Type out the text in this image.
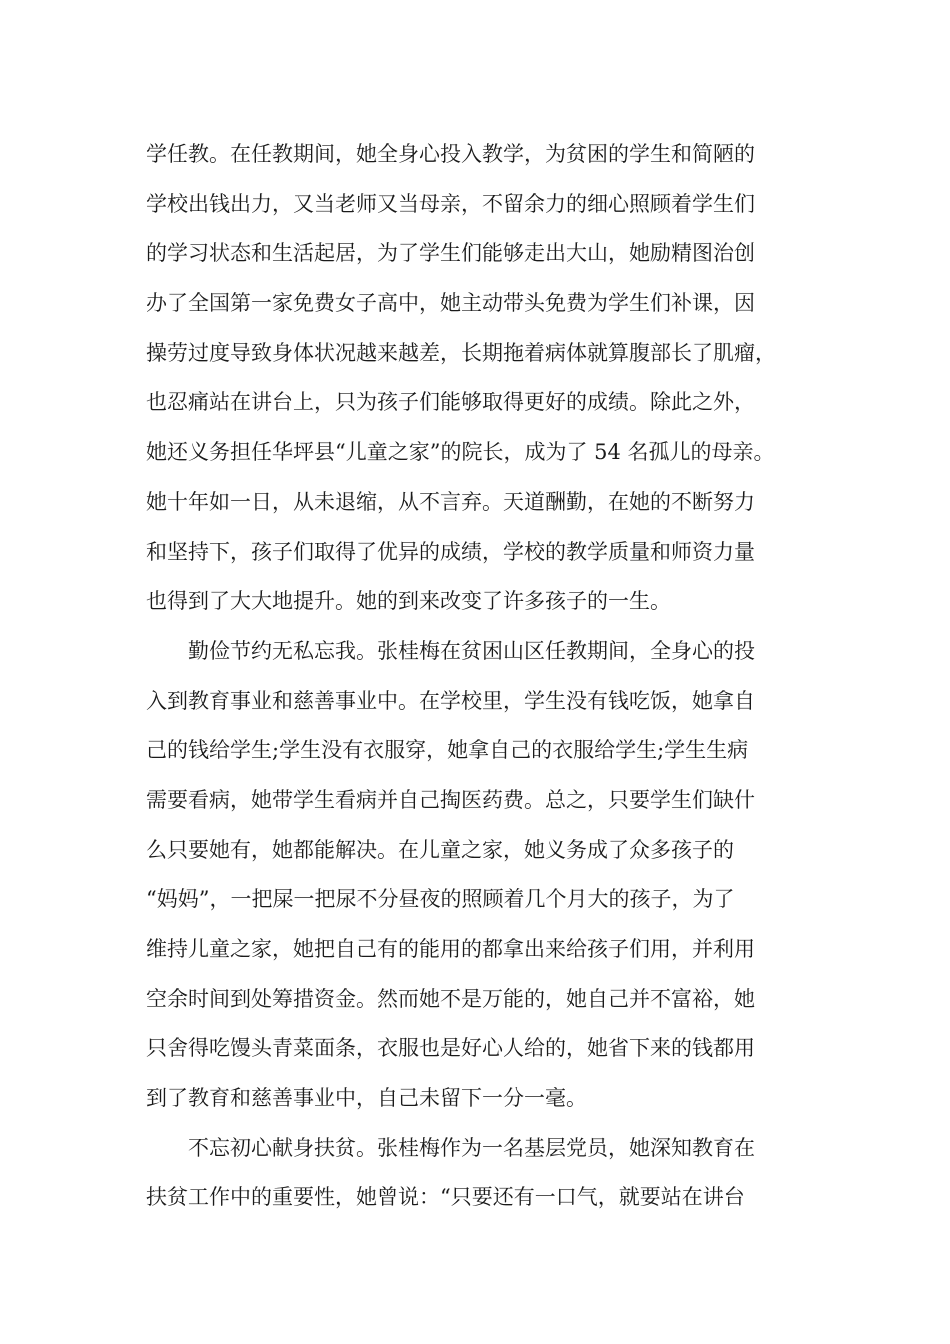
学任教。在任教期间，她全身心投入教学，为贫困的学生和简陋的
学校出钱出力，又当老师又当母亲，不留余力的细心照顾着学生们
的学习状态和生活起居，为了学生们能够走出大山，她励精图治创
办了全国第一家免费女子高中，她主动带头免费为学生们补课，因
操劳过度导致身体状况越来越差，长期拖着病体就算腹部长了肌瘤，
也忍痛站在讲台上，只为孩子们能够取得更好的成绩。除此之外，
她还义务担任华坪县“儿童之家”的院长，成为了 54 名孤儿的母亲。
她十年如一日，从未退缩，从不言弃。天道酬勤，在她的不断努力
和坚持下，孩子们取得了优异的成绩，学校的教学质量和师资力量
也得到了大大地提升。她的到来改变了许多孩子的一生。
勤俭节约无私忘我。张桂梅在贫困山区任教期间，全身心的投
入到教育事业和慈善事业中。在学校里，学生没有钱吃饭，她拿自
己的钱给学生;学生没有衣服穿，她拿自己的衣服给学生;学生生病
需要看病，她带学生看病并自己掏医药费。总之，只要学生们缺什
么只要她有，她都能解决。在儿童之家，她义务成了众多孩子的
“妈妈”，一把屎一把尿不分昼夜的照顾着几个月大的孩子，为了
维持儿童之家，她把自己有的能用的都拿出来给孩子们用，并利用
空余时间到处筹措资金。然而她不是万能的，她自己并不富裕，她
只舍得吃馒头青菜面条，衣服也是好心人给的，她省下来的钱都用
到了教育和慈善事业中，自己未留下一分一毫。
不忘初心献身扶贫。张桂梅作为一名基层党员，她深知教育在
扶贫工作中的重要性，她曾说：“只要还有一口气，就要站在讲台
